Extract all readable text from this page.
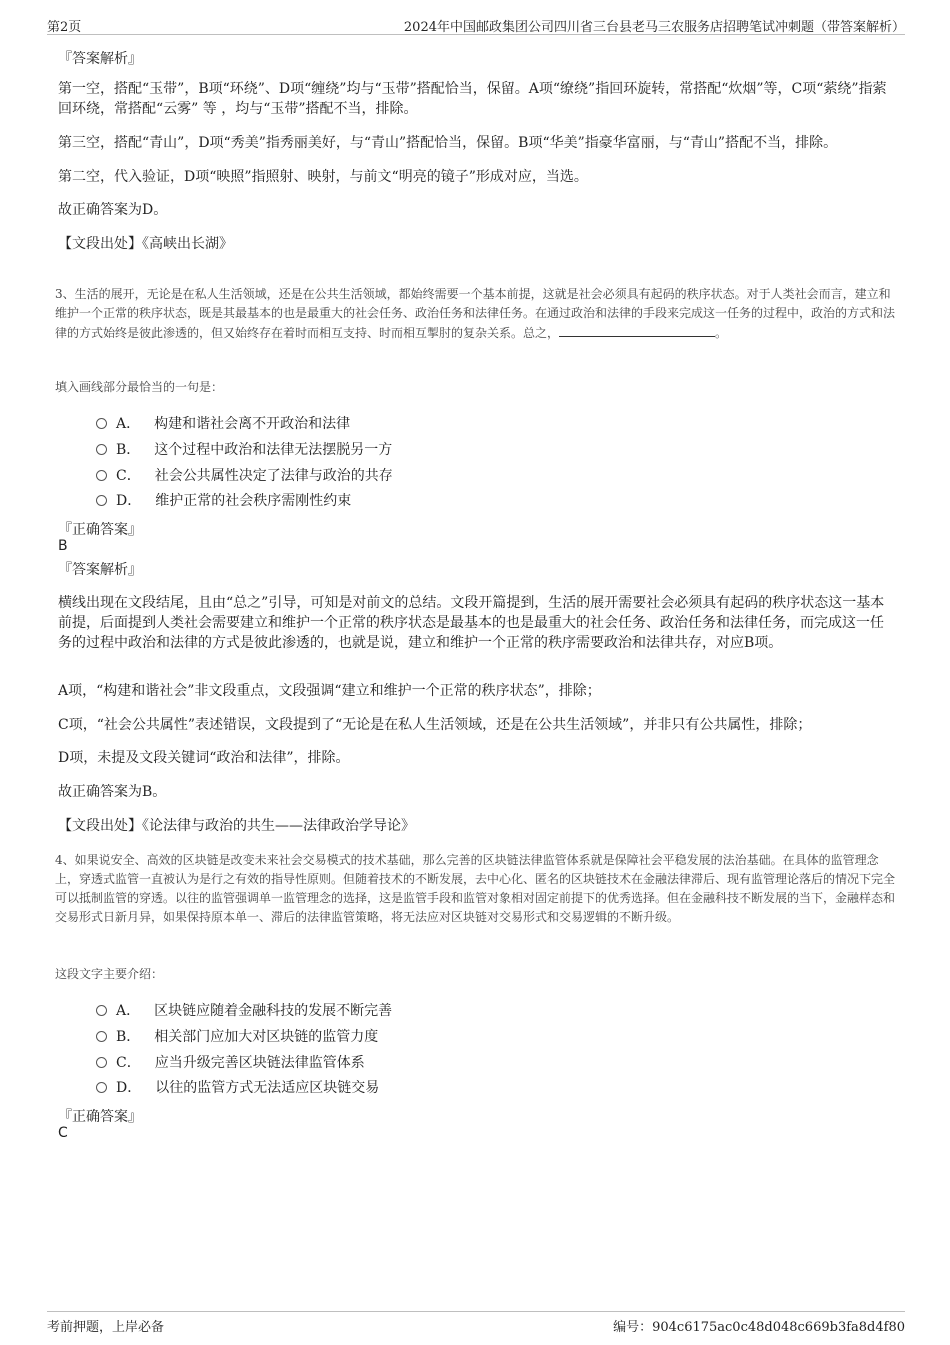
第2页	2024年中国邮政集团公司四川省三台县老马三农服务店招聘笔试冲刺题（带答案解析）
『答案解析』

第一空，搭配“玉带”，B项“环绕”、D项“缠绕”均与“玉带”搭配恰当，保留。A项“缭绕”指回环旋转，常搭配“炊烟”等，C项“萦绕”指萦回环绕，常搭配“云雾” 等 ，均与“玉带”搭配不当，排除。

第三空，搭配“青山”，D项“秀美”指秀丽美好，与“青山”搭配恰当，保留。B项“华美”指豪华富丽，与“青山”搭配不当，排除。

第二空，代入验证，D项“映照”指照射、映射，与前文“明亮的镜子”形成对应，当选。

故正确答案为D。

【文段出处】《高峡出长湖》

3、生活的展开，无论是在私人生活领域，还是在公共生活领域，都始终需要一个基本前提，这就是社会必须具有起码的秩序状态。对于人类社会而言，建立和维护一个正常的秩序状态，既是其最基本的也是最重大的社会任务、政治任务和法律任务。在通过政治和法律的手段来完成这一任务的过程中，政治的方式和法律的方式始终是彼此渗透的，但又始终存在着时而相互支持、时而相互掣肘的复杂关系。总之，	。

填入画线部分最恰当的一句是：

A． 构建和谐社会离不开政治和法律
B． 这个过程中政治和法律无法摆脱另一方
C． 社会公共属性决定了法律与政治的共存
D． 维护正常的社会秩序需刚性约束
『正确答案』
B
『答案解析』

横线出现在文段结尾，且由“总之”引导，可知是对前文的总结。文段开篇提到，生活的展开需要社会必须具有起码的秩序状态这一基本前提，后面提到人类社会需要建立和维护一个正常的秩序状态是最基本的也是最重大的社会任务、政治任务和法律任务，而完成这一任务的过程中政治和法律的方式是彼此渗透的，也就是说，建立和维护一个正常的秩序需要政治和法律共存，对应B项。

A项，“构建和谐社会”非文段重点，文段强调“建立和维护一个正常的秩序状态”，排除；

C项，“社会公共属性”表述错误，文段提到了“无论是在私人生活领域，还是在公共生活领域”，并非只有公共属性，排除；

D项，未提及文段关键词“政治和法律”，排除。

故正确答案为B。

【文段出处】《论法律与政治的共生——法律政治学导论》

4、如果说安全、高效的区块链是改变未来社会交易模式的技术基础，那么完善的区块链法律监管体系就是保障社会平稳发展的法治基础。在具体的监管理念上，穿透式监管一直被认为是行之有效的指导性原则。但随着技术的不断发展，去中心化、匿名的区块链技术在金融法律滞后、现有监管理论落后的情况下完全可以抵制监管的穿透。以往的监管强调单一监管理念的选择，这是监管手段和监管对象相对固定前提下的优秀选择。但在金融科技不断发展的当下，金融样态和交易形式日新月异，如果保持原本单一、滞后的法律监管策略，将无法应对区块链对交易形式和交易逻辑的不断升级。

这段文字主要介绍：

A． 区块链应随着金融科技的发展不断完善
B． 相关部门应加大对区块链的监管力度
C． 应当升级完善区块链法律监管体系
D． 以往的监管方式无法适应区块链交易
『正确答案』
C
考前押题，上岸必备	编号：904c6175ac0c48d048c669b3fa8d4f80
